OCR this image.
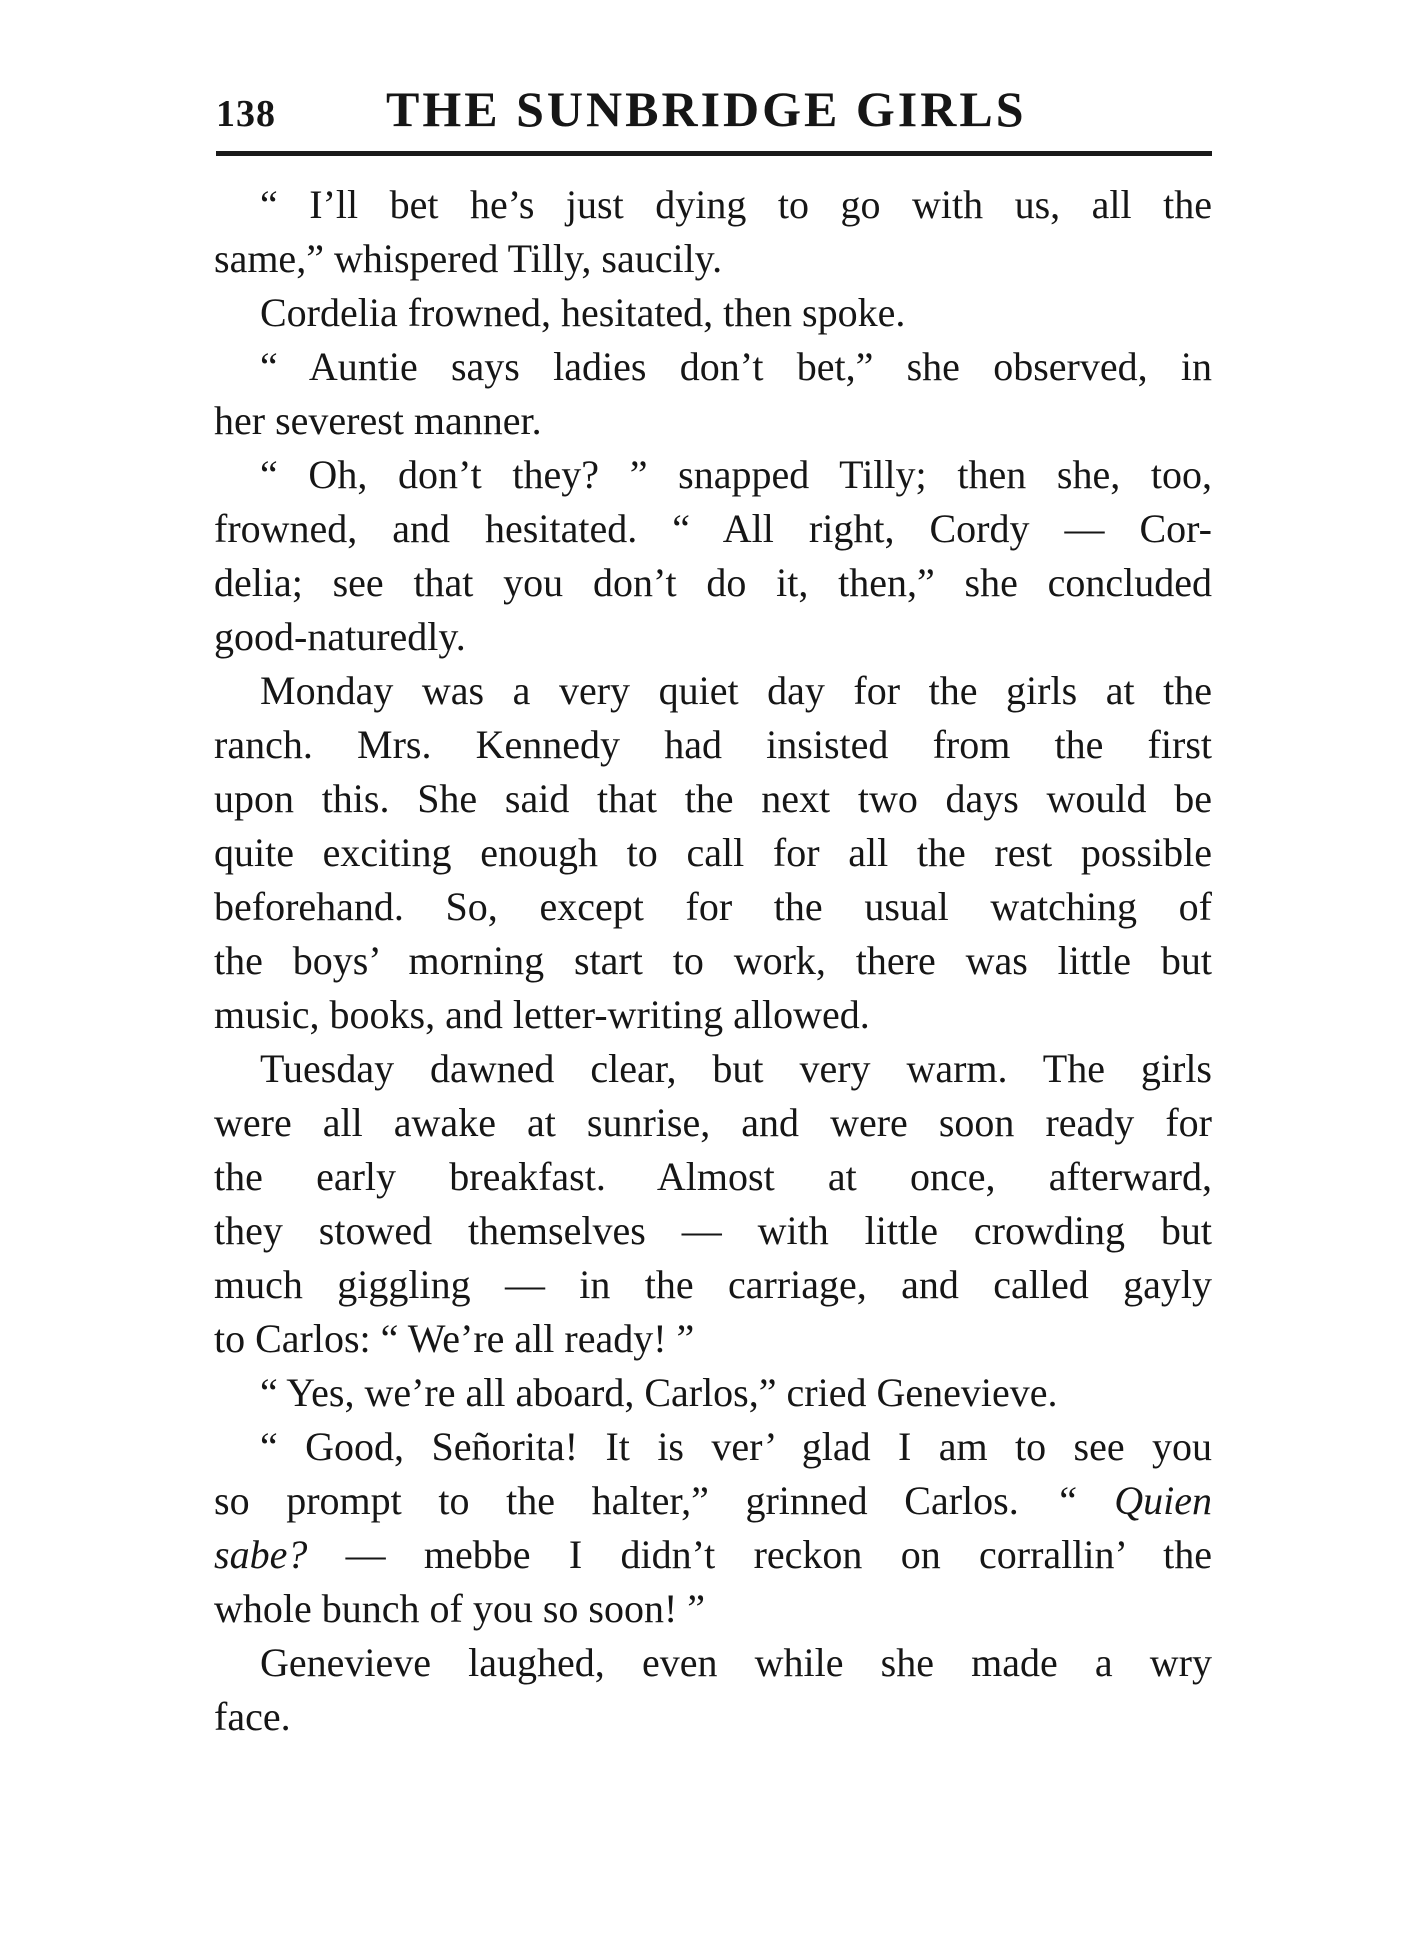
138 THE SUNBRIDGE GIRLS
“ I’ll bet he’s just dying to go with us, all the
same,” whispered Tilly, saucily.
Cordelia frowned, hesitated, then spoke.
“ Auntie says ladies don’t bet,” she observed, in
her severest manner.
“ Oh, don’t they? ” snapped Tilly; then she, too,
frowned, and hesitated. “ All right, Cordy — Cor-
delia; see that you don’t do it, then,” she concluded
good-naturedly.
Monday was a very quiet day for the girls at the
ranch. Mrs. Kennedy had insisted from the first
upon this. She said that the next two days would be
quite exciting enough to call for all the rest possible
beforehand. So, except for the usual watching of
the boys’ morning start to work, there was little but
music, books, and letter-writing allowed.
Tuesday dawned clear, but very warm. The girls
were all awake at sunrise, and were soon ready for
the early breakfast. Almost at once, afterward,
they stowed themselves — with little crowding but
much giggling — in the carriage, and called gayly
to Carlos: “ We’re all ready! ”
“ Yes, we’re all aboard, Carlos,” cried Genevieve.
“ Good, Señorita! It is ver’ glad I am to see you
so prompt to the halter,” grinned Carlos. “ Quien
sabe? — mebbe I didn’t reckon on corrallin’ the
whole bunch of you so soon! ”
Genevieve laughed, even while she made a wry
face.
